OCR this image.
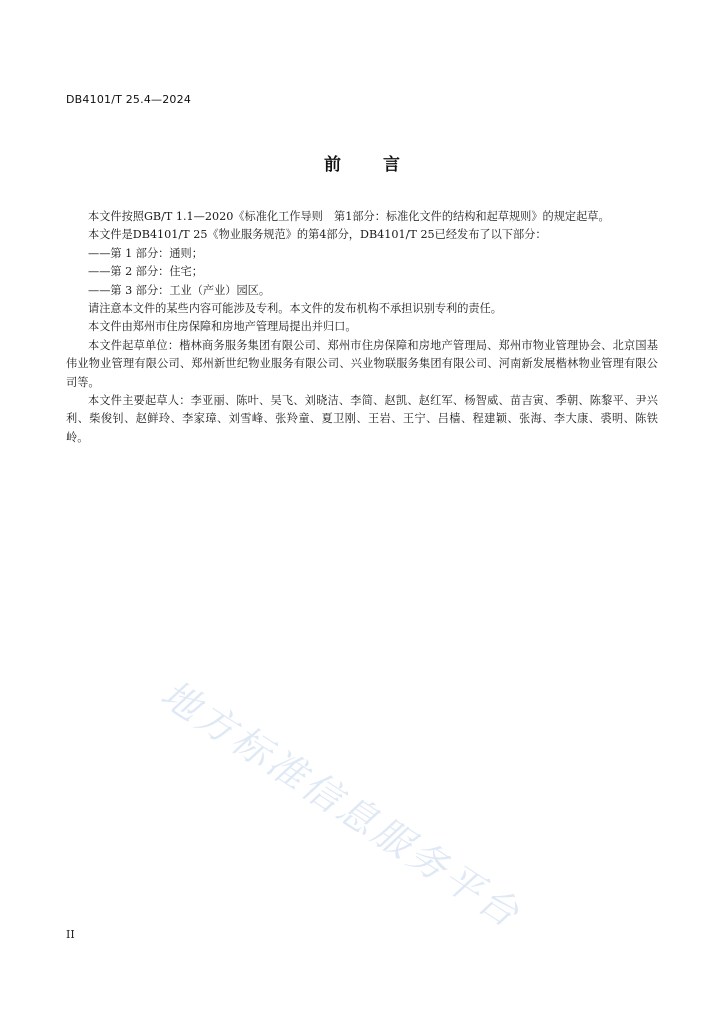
DB4101/T 25.4—2024
前 言

本文件按照GB/T 1.1—2020《标准化工作导则　第1部分：标准化文件的结构和起草规则》的规定起草。

本文件是DB4101/T 25《物业服务规范》的第4部分，DB4101/T 25已经发布了以下部分：

——第 1 部分：通则；

——第 2 部分：住宅；

——第 3 部分：工业（产业）园区。

请注意本文件的某些内容可能涉及专利。本文件的发布机构不承担识别专利的责任。

本文件由郑州市住房保障和房地产管理局提出并归口。

本文件起草单位：楷林商务服务集团有限公司、郑州市住房保障和房地产管理局、郑州市物业管理协会、北京国基伟业物业管理有限公司、郑州新世纪物业服务有限公司、兴业物联服务集团有限公司、河南新发展楷林物业管理有限公司等。

本文件主要起草人：李亚丽、陈叶、吴飞、刘晓洁、李简、赵凯、赵红军、杨智威、苗吉寅、季朝、陈黎平、尹兴利、柴俊钊、赵鲜玲、李家璋、刘雪峰、张羚童、夏卫刚、王岩、王宁、吕樯、程建颖、张海、李大康、裘明、陈铁岭。

地方标准信息服务平台
II
